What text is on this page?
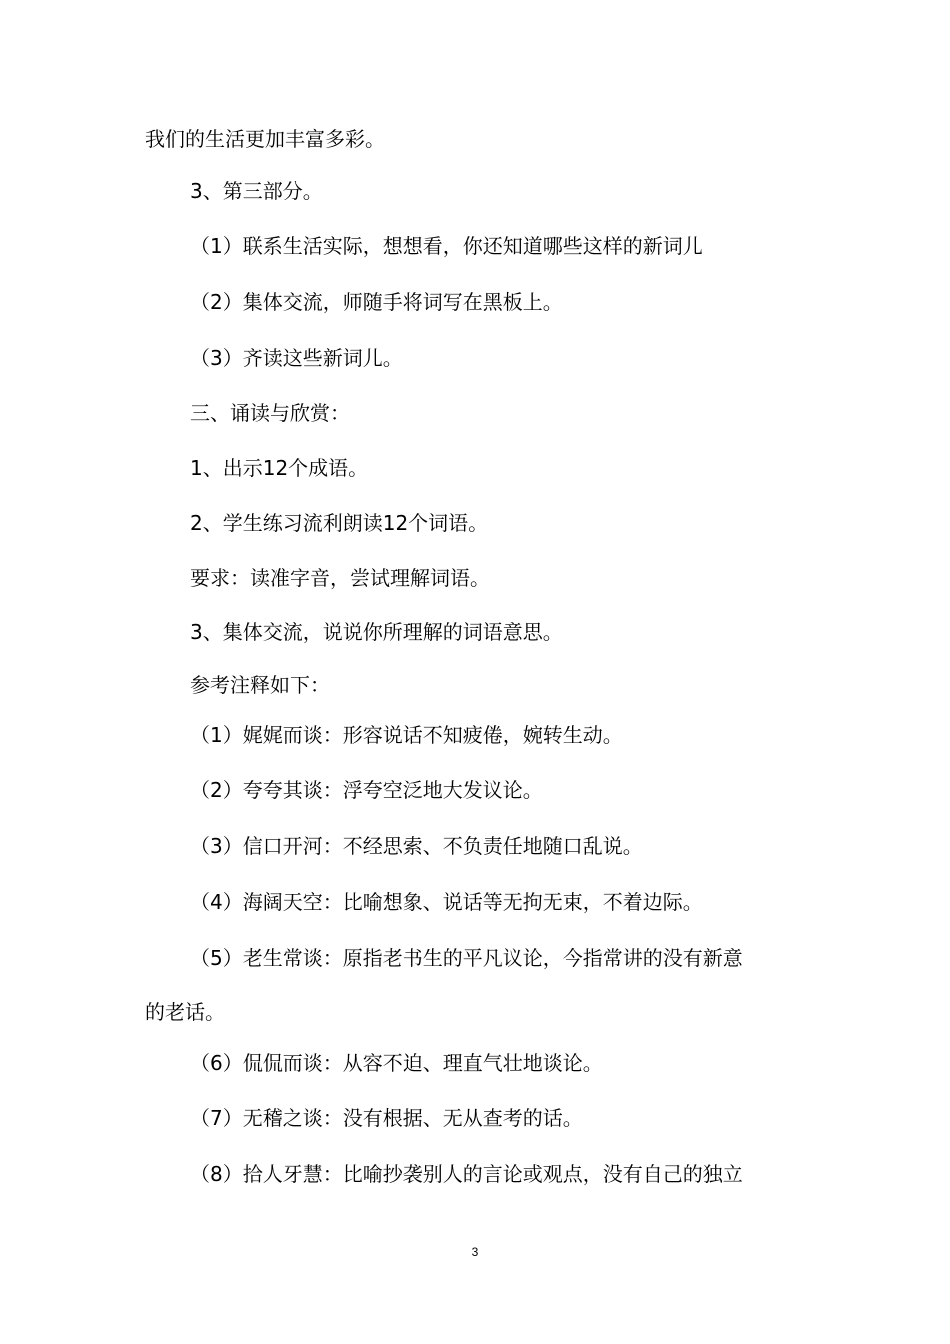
我们的生活更加丰富多彩。

3、第三部分。

（1）联系生活实际，想想看，你还知道哪些这样的新词儿

（2）集体交流，师随手将词写在黑板上。

（3）齐读这些新词儿。

三、诵读与欣赏：

1、出示12个成语。

2、学生练习流利朗读12个词语。

要求：读准字音，尝试理解词语。

3、集体交流，说说你所理解的词语意思。

参考注释如下：

（1）娓娓而谈：形容说话不知疲倦，婉转生动。

（2）夸夸其谈：浮夸空泛地大发议论。

（3）信口开河：不经思索、不负责任地随口乱说。

（4）海阔天空：比喻想象、说话等无拘无束，不着边际。

（5）老生常谈：原指老书生的平凡议论，今指常讲的没有新意

的老话。

（6）侃侃而谈：从容不迫、理直气壮地谈论。

（7）无稽之谈：没有根据、无从查考的话。

（8）拾人牙慧：比喻抄袭别人的言论或观点，没有自己的独立

3
